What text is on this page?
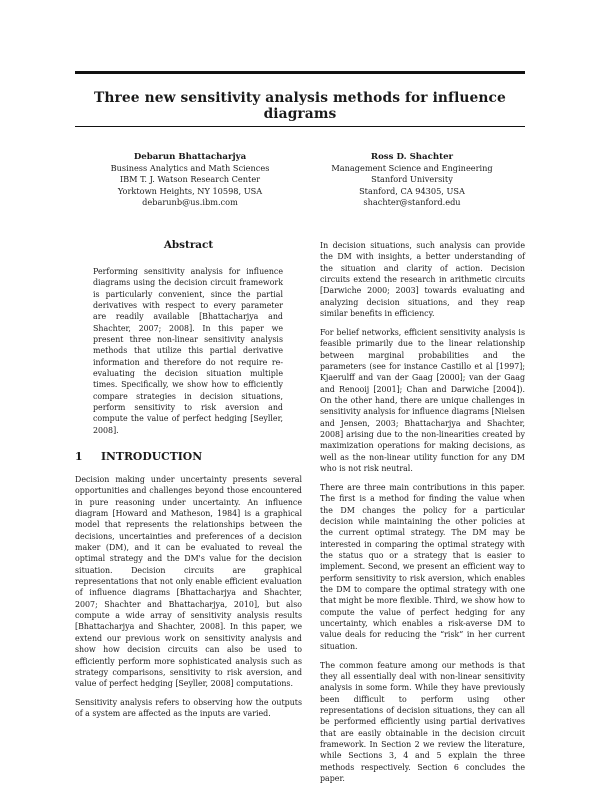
Three new sensitivity analysis methods for influence diagrams
Debarun Bhattacharjya
Business Analytics and Math Sciences
IBM T. J. Watson Research Center
Yorktown Heights, NY 10598, USA
debarunb@us.ibm.com
Ross D. Shachter
Management Science and Engineering
Stanford University
Stanford, CA 94305, USA
shachter@stanford.edu
Abstract
Performing sensitivity analysis for influence diagrams using the decision circuit framework is particularly convenient, since the partial derivatives with respect to every parameter are readily available [Bhattacharjya and Shachter, 2007; 2008]. In this paper we present three non-linear sensitivity analysis methods that utilize this partial derivative information and therefore do not require re-evaluating the decision situation multiple times. Specifically, we show how to efficiently compare strategies in decision situations, perform sensitivity to risk aversion and compute the value of perfect hedging [Seyller, 2008].
1 INTRODUCTION

Decision making under uncertainty presents several opportunities and challenges beyond those encountered in pure reasoning under uncertainty. An influence diagram [Howard and Matheson, 1984] is a graphical model that represents the relationships between the decisions, uncertainties and preferences of a decision maker (DM), and it can be evaluated to reveal the optimal strategy and the DM's value for the decision situation. Decision circuits are graphical representations that not only enable efficient evaluation of influence diagrams [Bhattacharjya and Shachter, 2007; Shachter and Bhattacharjya, 2010], but also compute a wide array of sensitivity analysis results [Bhattacharjya and Shachter, 2008]. In this paper, we extend our previous work on sensitivity analysis and show how decision circuits can also be used to efficiently perform more sophisticated analysis such as strategy comparisons, sensitivity to risk aversion, and value of perfect hedging [Seyller, 2008] computations.

Sensitivity analysis refers to observing how the outputs of a system are affected as the inputs are varied.

In decision situations, such analysis can provide the DM with insights, a better understanding of the situation and clarity of action. Decision circuits extend the research in arithmetic circuits [Darwiche 2000; 2003] towards evaluating and analyzing decision situations, and they reap similar benefits in efficiency.

For belief networks, efficient sensitivity analysis is feasible primarily due to the linear relationship between marginal probabilities and the parameters (see for instance Castillo et al [1997]; Kjaerulff and van der Gaag [2000]; van der Gaag and Renooij [2001]; Chan and Darwiche [2004]). On the other hand, there are unique challenges in sensitivity analysis for influence diagrams [Nielsen and Jensen, 2003; Bhattacharjya and Shachter, 2008] arising due to the non-linearities created by maximization operations for making decisions, as well as the non-linear utility function for any DM who is not risk neutral.

There are three main contributions in this paper. The first is a method for finding the value when the DM changes the policy for a particular decision while maintaining the other policies at the current optimal strategy. The DM may be interested in comparing the optimal strategy with the status quo or a strategy that is easier to implement. Second, we present an efficient way to perform sensitivity to risk aversion, which enables the DM to compare the optimal strategy with one that might be more flexible. Third, we show how to compute the value of perfect hedging for any uncertainty, which enables a risk-averse DM to value deals for reducing the “risk” in her current situation.

The common feature among our methods is that they all essentially deal with non-linear sensitivity analysis in some form. While they have previously been difficult to perform using other representations of decision situations, they can all be performed efficiently using partial derivatives that are easily obtainable in the decision circuit framework. In Section 2 we review the literature, while Sections 3, 4 and 5 explain the three methods respectively. Section 6 concludes the paper.
